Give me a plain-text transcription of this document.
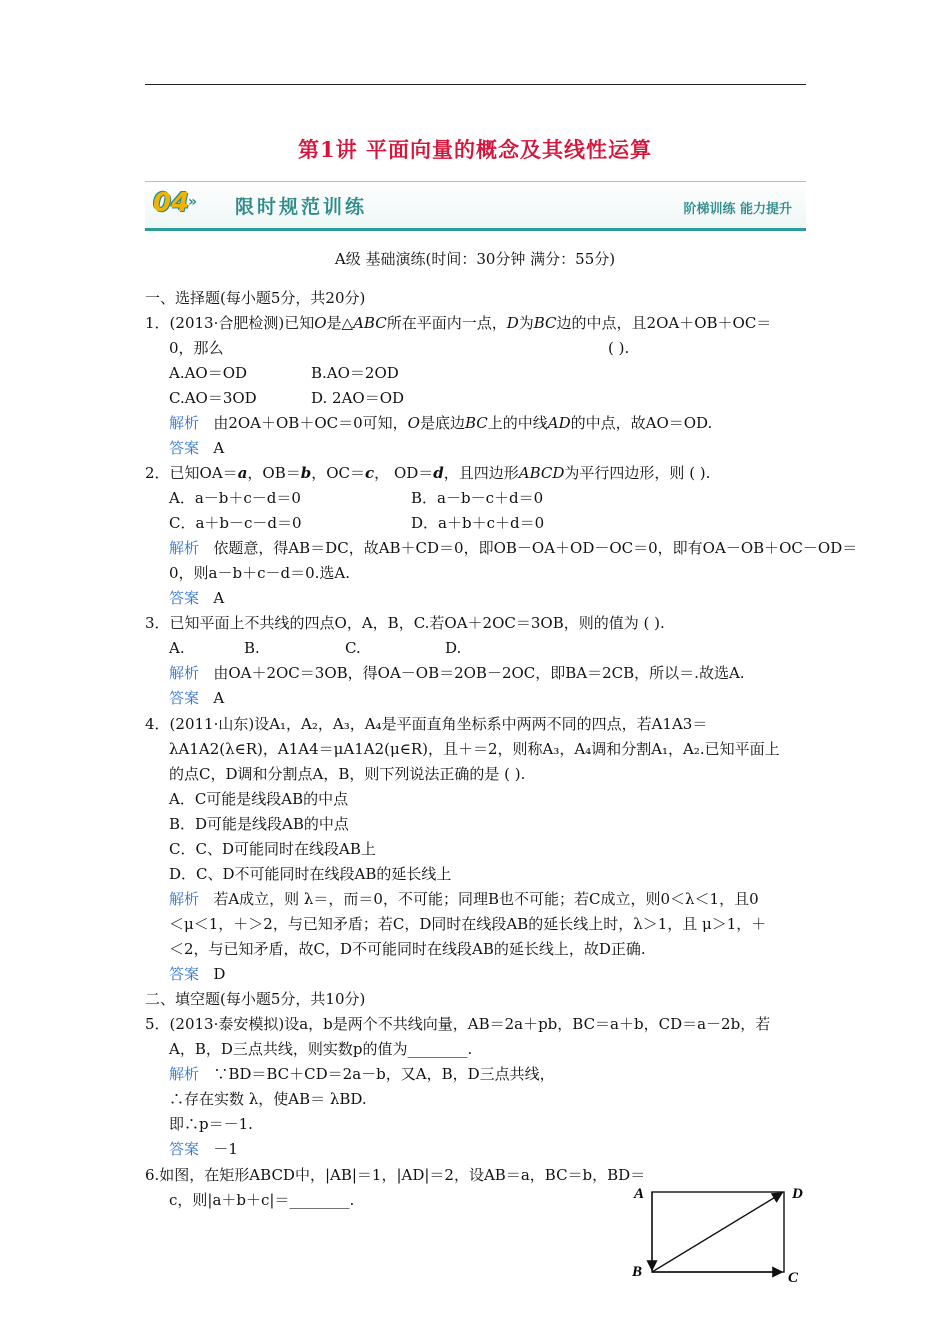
第1讲 平面向量的概念及其线性运算
04
» 限时规范训练	阶梯训练 能力提升
A级 基础演练(时间：30分钟 满分：55分)
一、选择题(每小题5分，共20分)
1．(2013·合肥检测)已知O是△ABC所在平面内一点，D为BC边的中点，且2OA＋OB＋OC＝
0，那么	( ).
A.AO＝OD	B.AO＝2OD
C.AO＝3OD	D. 2AO＝OD
解析 由2OA＋OB＋OC＝0可知，O是底边BC上的中线AD的中点，故AO＝OD.
答案 A
2．已知OA＝a，OB＝b，OC＝c， OD＝d，且四边形ABCD为平行四边形，则 ( ).
A．a－b＋c－d＝0	B．a－b－c＋d＝0
C．a＋b－c－d＝0	D．a＋b＋c＋d＝0
解析 依题意，得AB＝DC，故AB＋CD＝0，即OB－OA＋OD－OC＝0，即有OA－OB＋OC－OD＝
0，则a－b＋c－d＝0.选A.
答案 A
3．已知平面上不共线的四点O，A，B，C.若OA＋2OC＝3OB，则的值为 ( ).
A.	B.	C.	D.
解析 由OA＋2OC＝3OB，得OA－OB＝2OB－2OC，即BA＝2CB，所以＝.故选A.
答案 A
4．(2011·山东)设A₁，A₂，A₃，A₄是平面直角坐标系中两两不同的四点，若A1A3＝
λA1A2(λ∈R)，A1A4＝μA1A2(μ∈R)，且＋＝2，则称A₃，A₄调和分割A₁，A₂.已知平面上
的点C，D调和分割点A，B，则下列说法正确的是 ( ).
A．C可能是线段AB的中点
B．D可能是线段AB的中点
C．C、D可能同时在线段AB上
D．C、D不可能同时在线段AB的延长线上
解析 若A成立，则 λ＝，而＝0，不可能；同理B也不可能；若C成立，则0＜λ＜1，且0
＜μ＜1，＋＞2，与已知矛盾；若C，D同时在线段AB的延长线上时，λ＞1，且 μ＞1，＋
＜2，与已知矛盾，故C，D不可能同时在线段AB的延长线上，故D正确.
答案 D
二、填空题(每小题5分，共10分)
5．(2013·泰安模拟)设a，b是两个不共线向量，AB＝2a＋pb，BC＝a＋b，CD＝a－2b，若
A，B，D三点共线，则实数p的值为________.
解析 ∵BD＝BC＋CD＝2a－b，又A，B，D三点共线，
∴存在实数 λ，使AB＝ λBD.
即∴p＝－1.
答案 －1
6.如图，在矩形ABCD中，|AB|＝1，|AD|＝2，设AB＝a，BC＝b，BD＝
c，则|a＋b＋c|＝________.	A	D
B	C
